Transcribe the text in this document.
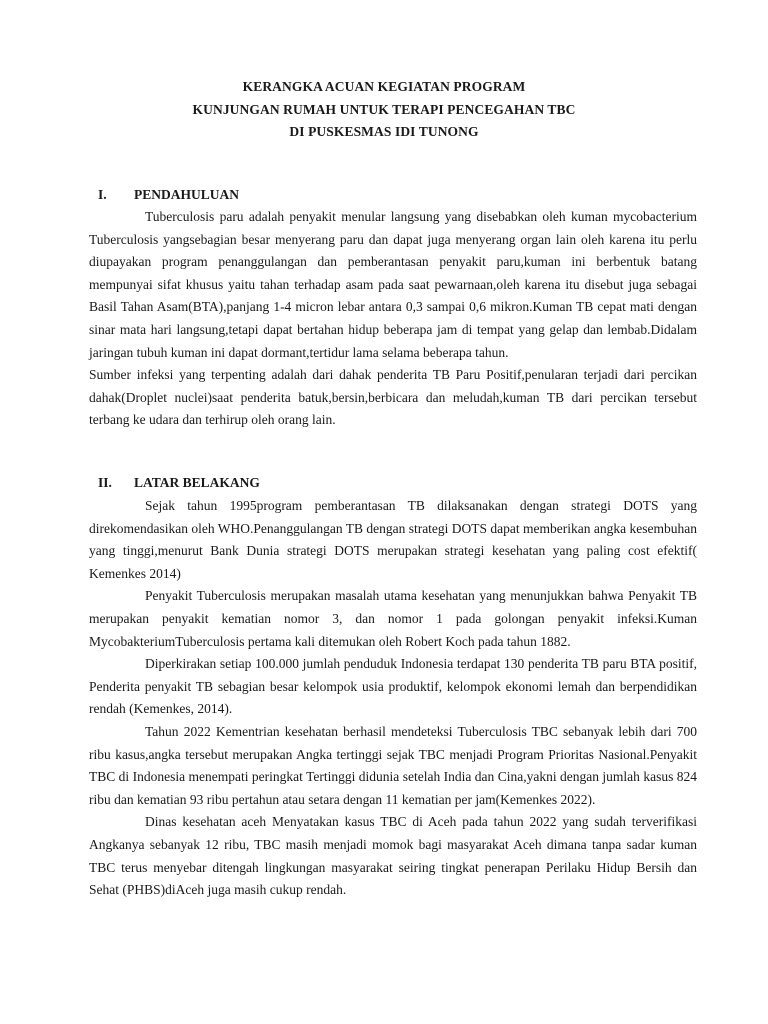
KERANGKA ACUAN KEGIATAN PROGRAM
KUNJUNGAN RUMAH UNTUK TERAPI PENCEGAHAN TBC
DI PUSKESMAS IDI TUNONG
I. PENDAHULUAN

Tuberculosis paru adalah penyakit menular langsung yang disebabkan oleh kuman mycobacterium Tuberculosis yangsebagian besar menyerang paru dan dapat juga menyerang organ lain oleh karena itu perlu diupayakan program penanggulangan dan pemberantasan penyakit paru,kuman ini berbentuk batang mempunyai sifat khusus yaitu tahan terhadap asam pada saat pewarnaan,oleh karena itu disebut juga sebagai Basil Tahan Asam(BTA),panjang 1-4 micron lebar antara 0,3 sampai 0,6 mikron.Kuman TB cepat mati dengan sinar mata hari langsung,tetapi dapat bertahan hidup beberapa jam di tempat yang gelap dan lembab.Didalam jaringan tubuh kuman ini dapat dormant,tertidur lama selama beberapa tahun.

Sumber infeksi yang terpenting adalah dari dahak penderita TB Paru Positif,penularan terjadi dari percikan dahak(Droplet nuclei)saat penderita batuk,bersin,berbicara dan meludah,kuman TB dari percikan tersebut terbang ke udara dan terhirup oleh orang lain.

II. LATAR BELAKANG

Sejak tahun 1995program pemberantasan TB dilaksanakan dengan strategi DOTS yang direkomendasikan oleh WHO.Penanggulangan TB dengan strategi DOTS dapat memberikan angka kesembuhan yang tinggi,menurut Bank Dunia strategi DOTS merupakan strategi kesehatan yang paling cost efektif( Kemenkes 2014)

Penyakit Tuberculosis merupakan masalah utama kesehatan yang menunjukkan bahwa Penyakit TB merupakan penyakit kematian nomor 3, dan nomor 1 pada golongan penyakit infeksi.Kuman MycobakteriumTuberculosis pertama kali ditemukan oleh Robert Koch pada tahun 1882.

Diperkirakan setiap 100.000 jumlah penduduk Indonesia terdapat 130 penderita TB paru BTA positif, Penderita penyakit TB sebagian besar kelompok usia produktif, kelompok ekonomi lemah dan berpendidikan rendah (Kemenkes, 2014).

Tahun 2022 Kementrian kesehatan berhasil mendeteksi Tuberculosis TBC sebanyak lebih dari 700 ribu kasus,angka tersebut merupakan Angka tertinggi sejak TBC menjadi Program Prioritas Nasional.Penyakit TBC di Indonesia menempati peringkat Tertinggi didunia setelah India dan Cina,yakni dengan jumlah kasus 824 ribu dan kematian 93 ribu pertahun atau setara dengan 11 kematian per jam(Kemenkes 2022).

Dinas kesehatan aceh Menyatakan kasus TBC di Aceh pada tahun 2022 yang sudah terverifikasi Angkanya sebanyak 12 ribu, TBC masih menjadi momok bagi masyarakat Aceh dimana tanpa sadar kuman TBC terus menyebar ditengah lingkungan masyarakat seiring tingkat penerapan Perilaku Hidup Bersih dan Sehat (PHBS)diAceh juga masih cukup rendah.
